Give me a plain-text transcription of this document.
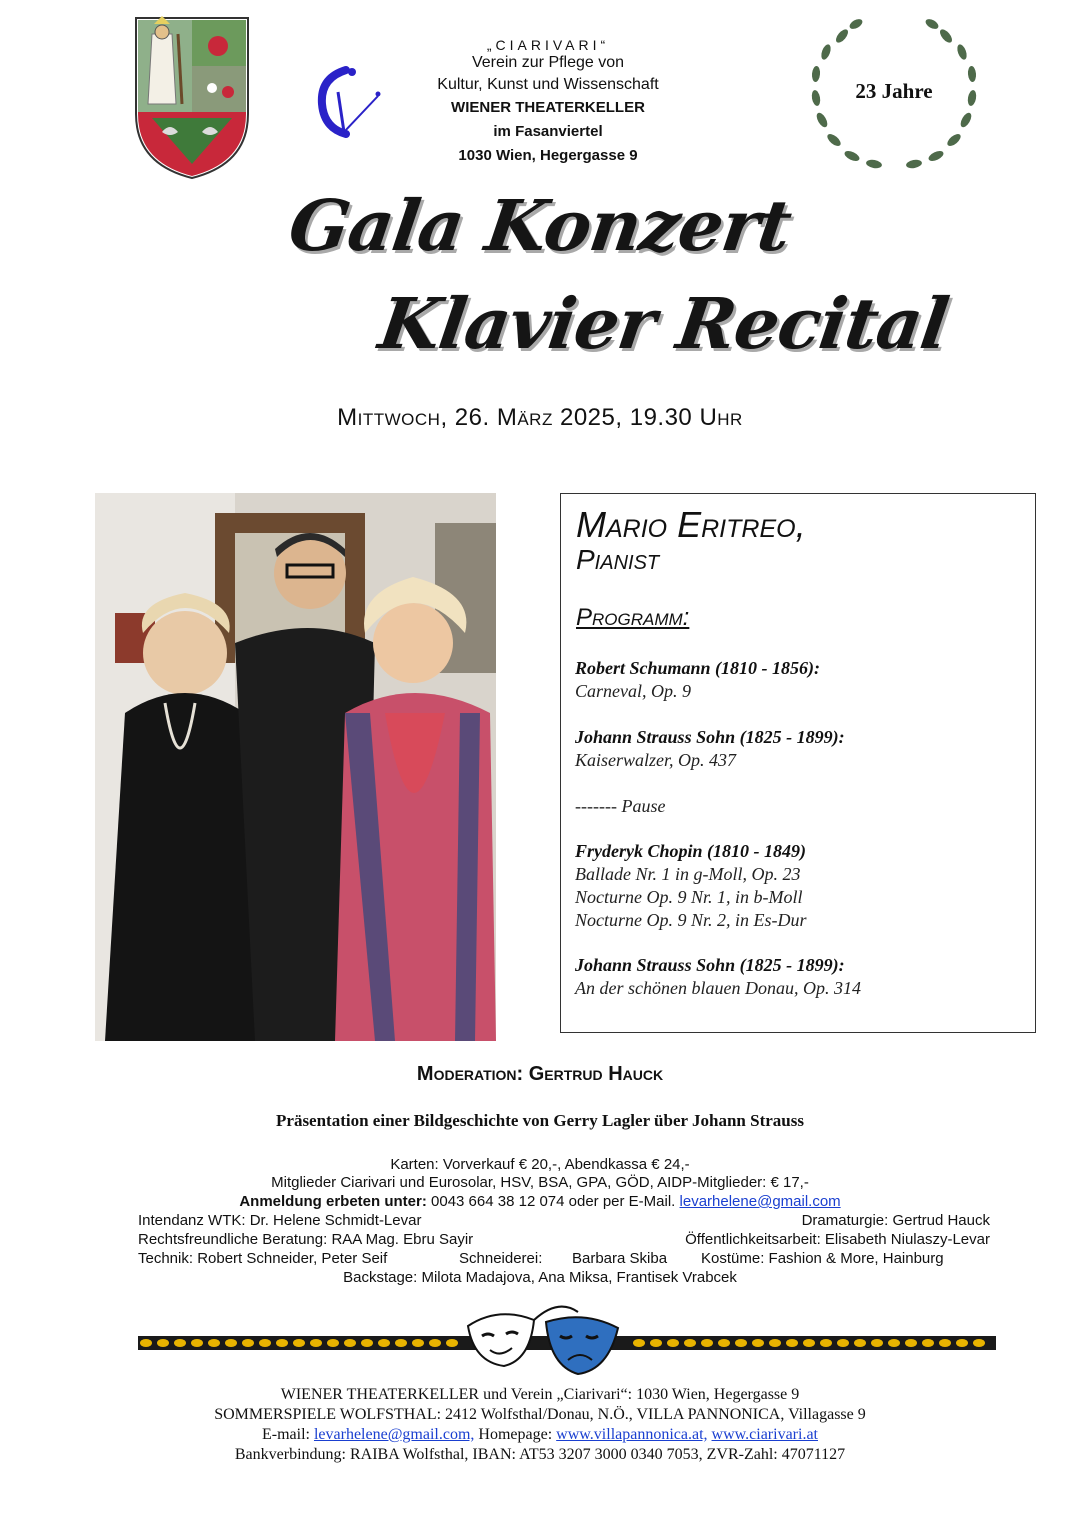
„CIARIVARI“
Verein zur Pflege von
Kultur, Kunst und Wissenschaft
WIENER THEATERKELLER
im Fasanviertel
1030 Wien, Hegergasse 9
23 Jahre
Gala Konzert
Klavier Recital
Mittwoch, 26. März 2025, 19.30 Uhr
Mario Eritreo,
Pianist
Programm:
Robert Schumann (1810 - 1856):
Carneval, Op. 9
Johann Strauss Sohn (1825 - 1899):
Kaiserwalzer, Op. 437
------- Pause
Fryderyk Chopin (1810 - 1849)
Ballade Nr. 1 in g-Moll, Op. 23
Nocturne Op. 9 Nr. 1, in b-Moll
Nocturne Op. 9 Nr. 2, in Es-Dur
Johann Strauss Sohn (1825 - 1899):
An der schönen blauen Donau, Op. 314
Moderation: Gertrud Hauck
Präsentation einer Bildgeschichte von Gerry Lagler über Johann Strauss
Karten: Vorverkauf € 20,-, Abendkassa € 24,-
Mitglieder Ciarivari und Eurosolar, HSV, BSA, GPA, GÖD, AIDP-Mitglieder: € 17,-
Anmeldung erbeten unter: 0043 664 38 12 074 oder per E-Mail. levarhelene@gmail.com
Intendanz WTK: Dr. Helene Schmidt-Levar	Dramaturgie: Gertrud Hauck
Rechtsfreundliche Beratung: RAA Mag. Ebru Sayir	Öffentlichkeitsarbeit: Elisabeth Niulaszy-Levar
Technik: Robert Schneider, Peter Seif	Schneiderei: Barbara Skiba Kostüme: Fashion & More, Hainburg
Backstage: Milota Madajova, Ana Miksa, Frantisek Vrabcek
WIENER THEATERKELLER und Verein „Ciarivari“: 1030 Wien, Hegergasse 9
SOMMERSPIELE WOLFSTHAL: 2412 Wolfsthal/Donau, N.Ö., VILLA PANNONICA, Villagasse 9
E-mail: levarhelene@gmail.com, Homepage: www.villapannonica.at, www.ciarivari.at
Bankverbindung: RAIBA Wolfsthal, IBAN: AT53 3207 3000 0340 7053, ZVR-Zahl: 47071127
